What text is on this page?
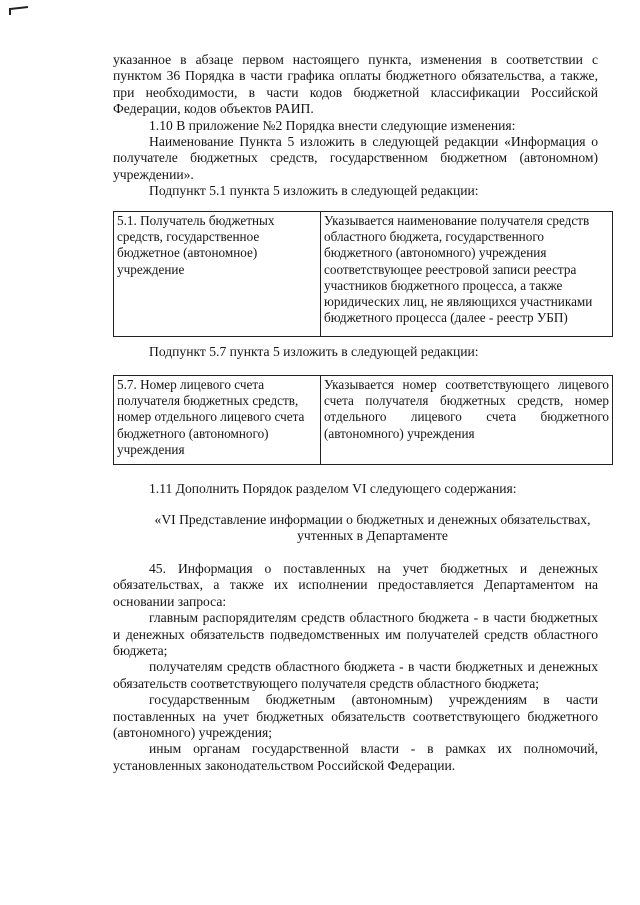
указанное в абзаце первом настоящего пункта, изменения в соответствии с пунктом 36 Порядка в части графика оплаты бюджетного обязательства, а также, при необходимости, в части кодов бюджетной классификации Российской Федерации, кодов объектов РАИП.

1.10 В приложение №2 Порядка внести следующие изменения:

Наименование Пункта 5 изложить в следующей редакции «Информация о получателе бюджетных средств, государственном бюджетном (автономном) учреждении».

Подпункт 5.1 пункта 5 изложить в следующей редакции:

5.1. Получатель бюджетных средств, государственное бюджетное (автономное) учреждение	Указывается наименование получателя средств областного бюджета, государственного бюджетного (автономного) учреждения соответствующее реестровой записи реестра участников бюджетного процесса, а также юридических лиц, не являющихся участниками бюджетного процесса (далее - реестр УБП)

Подпункт 5.7 пункта 5 изложить в следующей редакции:

5.7. Номер лицевого счета получателя бюджетных средств, номер отдельного лицевого счета бюджетного (автономного) учреждения	Указывается номер соответствующего лицевого счета получателя бюджетных средств, номер отдельного лицевого счета бюджетного (автономного) учреждения

1.11 Дополнить Порядок разделом VI следующего содержания:

«VI Представление информации о бюджетных и денежных обязательствах, учтенных в Департаменте

45. Информация о поставленных на учет бюджетных и денежных обязательствах, а также их исполнении предоставляется Департаментом на основании запроса:

главным распорядителям средств областного бюджета - в части бюджетных и денежных обязательств подведомственных им получателей средств областного бюджета;

получателям средств областного бюджета - в части бюджетных и денежных обязательств соответствующего получателя средств областного бюджета;

государственным бюджетным (автономным) учреждениям в части поставленных на учет бюджетных обязательств соответствующего бюджетного (автономного) учреждения;

иным органам государственной власти - в рамках их полномочий, установленных законодательством Российской Федерации.
